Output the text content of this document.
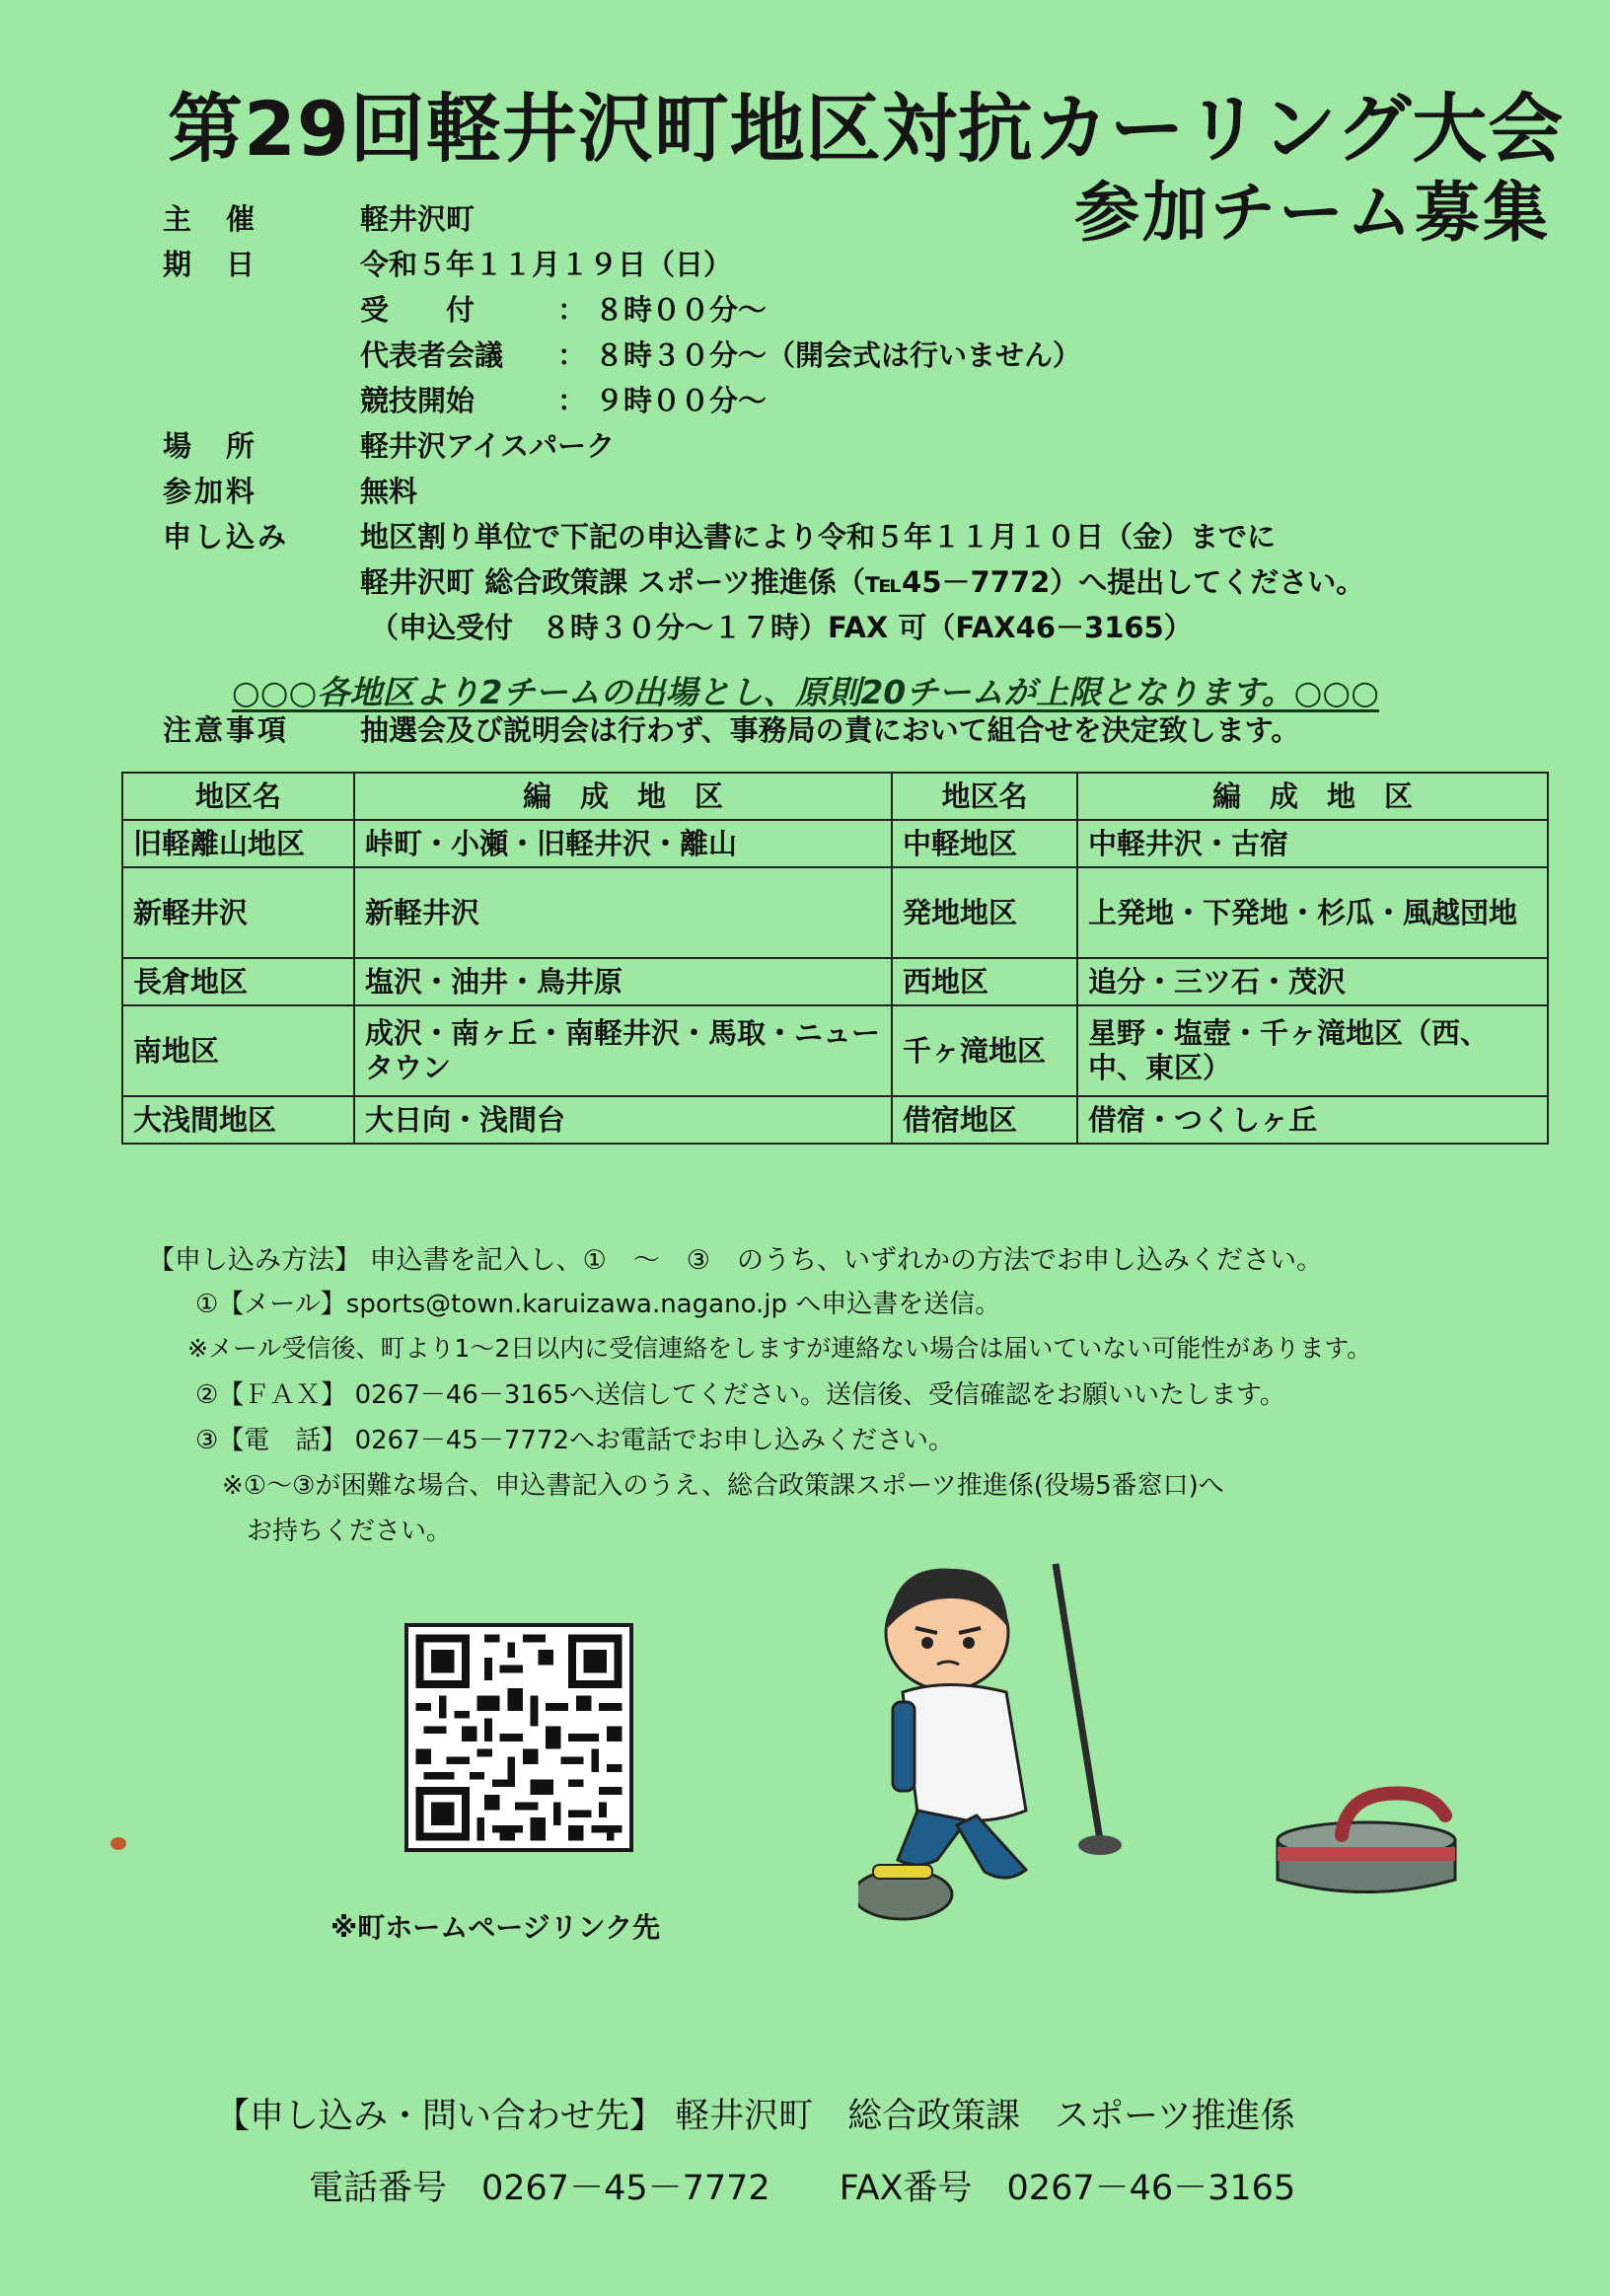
第29回軽井沢町地区対抗カーリング大会
参加チーム募集
主　催	軽井沢町
期　日	令和５年１１月１９日（日）
受　　付	： ８時００分～
代表者会議 ： ８時３０分～（開会式は行いません）
競技開始	： ９時００分～
場　所	軽井沢アイスパーク
参加料	無料
申し込み	地区割り単位で下記の申込書により令和５年１１月１０日（金）までに
軽井沢町 総合政策課 スポーツ推進係（℡45－7772）へ提出してください。
（申込受付　８時３０分～１７時）FAX 可（FAX46－3165）
注意事項	抽選会及び説明会は行わず、事務局の責において組合せを決定致します。
○○○各地区より2チームの出場とし、原則20チームが上限となります。○○○
地区名	編　成　地　区	地区名	編　成　地　区
旧軽離山地区	峠町・小瀬・旧軽井沢・離山	中軽地区	中軽井沢・古宿
新軽井沢	新軽井沢	発地地区	上発地・下発地・杉瓜・風越団地
長倉地区	塩沢・油井・鳥井原	西地区	追分・三ツ石・茂沢
南地区	成沢・南ヶ丘・南軽井沢・馬取・ニュータウン	千ヶ滝地区	星野・塩壺・千ヶ滝地区（西、中、東区）
大浅間地区	大日向・浅間台	借宿地区	借宿・つくしヶ丘
【申し込み方法】 申込書を記入し、①　～　③　のうち、いずれかの方法でお申し込みください。
①【メール】sports@town.karuizawa.nagano.jp へ申込書を送信。
※メール受信後、町より1～2日以内に受信連絡をしますが連絡ない場合は届いていない可能性があります。
②【ＦＡＸ】 0267－46－3165へ送信してください。送信後、受信確認をお願いいたします。
③【電　話】 0267－45－7772へお電話でお申し込みください。
※①～③が困難な場合、申込書記入のうえ、総合政策課スポーツ推進係(役場5番窓口)へ
お持ちください。
※町ホームページリンク先
【申し込み・問い合わせ先】 軽井沢町　総合政策課　スポーツ推進係
電話番号　0267－45－7772 FAX番号　0267－46－3165
